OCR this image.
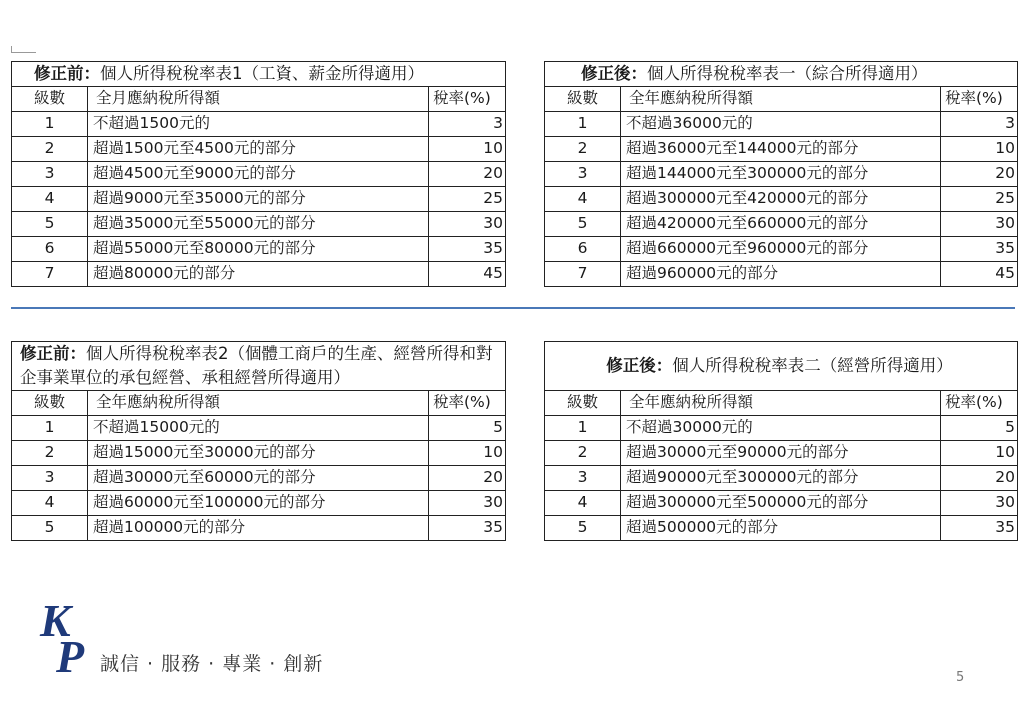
修正前：個人所得稅稅率表1（工資、薪金所得適用）		
級數	全月應納稅所得額	稅率(%)
1	不超過1500元的	3
2	超過1500元至4500元的部分	10
3	超過4500元至9000元的部分	20
4	超過9000元至35000元的部分	25
5	超過35000元至55000元的部分	30
6	超過55000元至80000元的部分	35
7	超過80000元的部分	45
修正後：個人所得稅稅率表一（綜合所得適用）		
級數	全年應納稅所得額	稅率(%)
1	不超過36000元的	3
2	超過36000元至144000元的部分	10
3	超過144000元至300000元的部分	20
4	超過300000元至420000元的部分	25
5	超過420000元至660000元的部分	30
6	超過660000元至960000元的部分	35
7	超過960000元的部分	45
修正前：個人所得稅稅率表2（個體工商戶的生產、經營所得和對企事業單位的承包經營、承租經營所得適用）		
級數	全年應納稅所得額	稅率(%)
1	不超過15000元的	5
2	超過15000元至30000元的部分	10
3	超過30000元至60000元的部分	20
4	超過60000元至100000元的部分	30
5	超過100000元的部分	35
修正後：個人所得稅稅率表二（經營所得適用）		
級數	全年應納稅所得額	稅率(%)
1	不超過30000元的	5
2	超過30000元至90000元的部分	10
3	超過90000元至300000元的部分	20
4	超過300000元至500000元的部分	30
5	超過500000元的部分	35
K
P 誠信 · 服務 · 專業 · 創新
5
